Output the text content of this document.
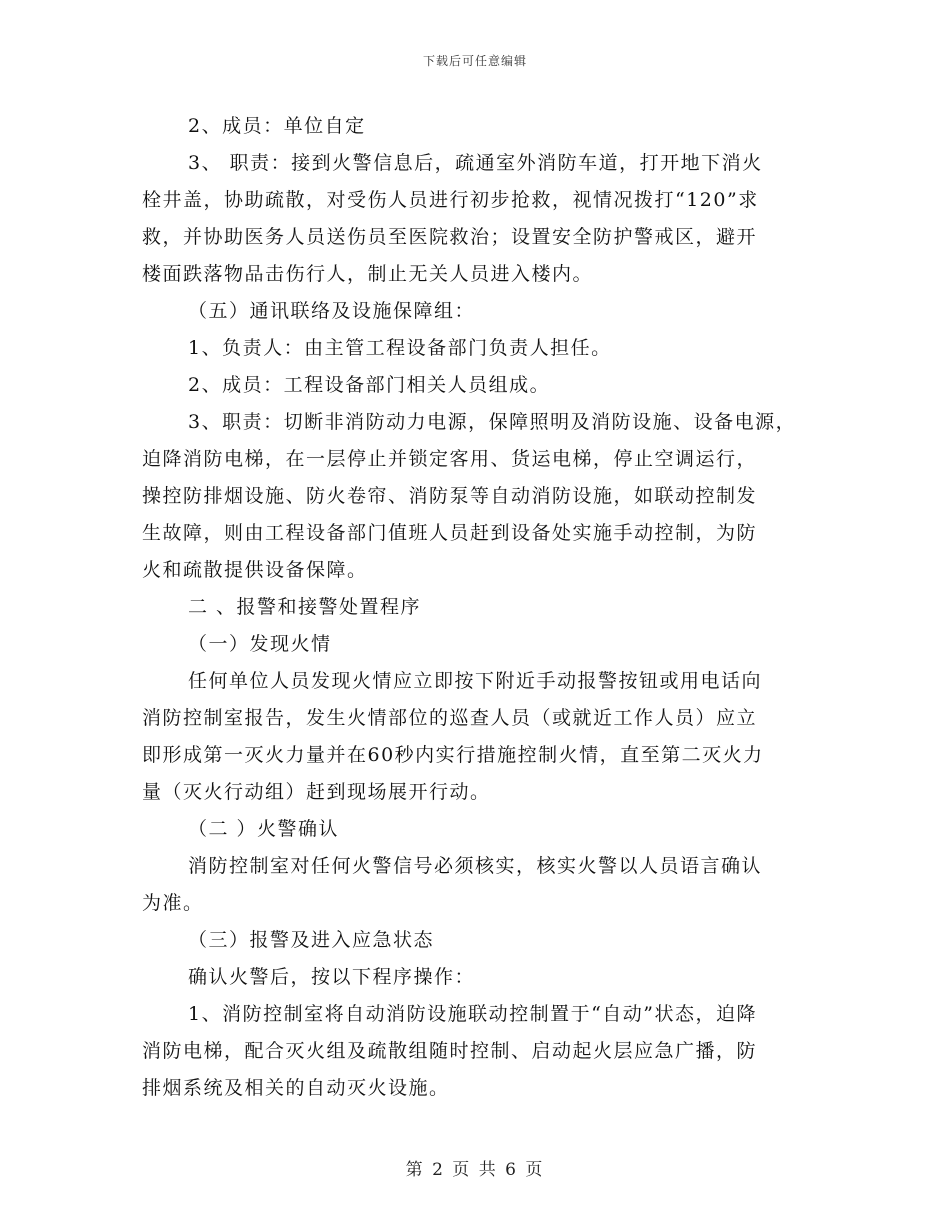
下载后可任意编辑
2、成员：单位自定
3、 职责：接到火警信息后，疏通室外消防车道，打开地下消火
栓井盖，协助疏散，对受伤人员进行初步抢救，视情况拨打“120”求
救，并协助医务人员送伤员至医院救治；设置安全防护警戒区，避开
楼面跌落物品击伤行人，制止无关人员进入楼内。
（五）通讯联络及设施保障组：
1、负责人：由主管工程设备部门负责人担任。
2、成员：工程设备部门相关人员组成。
3、职责：切断非消防动力电源，保障照明及消防设施、设备电源，
迫降消防电梯，在一层停止并锁定客用、货运电梯，停止空调运行，
操控防排烟设施、防火卷帘、消防泵等自动消防设施，如联动控制发
生故障，则由工程设备部门值班人员赶到设备处实施手动控制，为防
火和疏散提供设备保障。
二 、报警和接警处置程序
（一）发现火情
任何单位人员发现火情应立即按下附近手动报警按钮或用电话向
消防控制室报告，发生火情部位的巡查人员（或就近工作人员）应立
即形成第一灭火力量并在60秒内实行措施控制火情，直至第二灭火力
量（灭火行动组）赶到现场展开行动。
（二 ）火警确认
消防控制室对任何火警信号必须核实，核实火警以人员语言确认
为准。
（三）报警及进入应急状态
确认火警后，按以下程序操作：
1、消防控制室将自动消防设施联动控制置于“自动”状态，迫降
消防电梯，配合灭火组及疏散组随时控制、启动起火层应急广播，防
排烟系统及相关的自动灭火设施。
第 2 页 共 6 页
